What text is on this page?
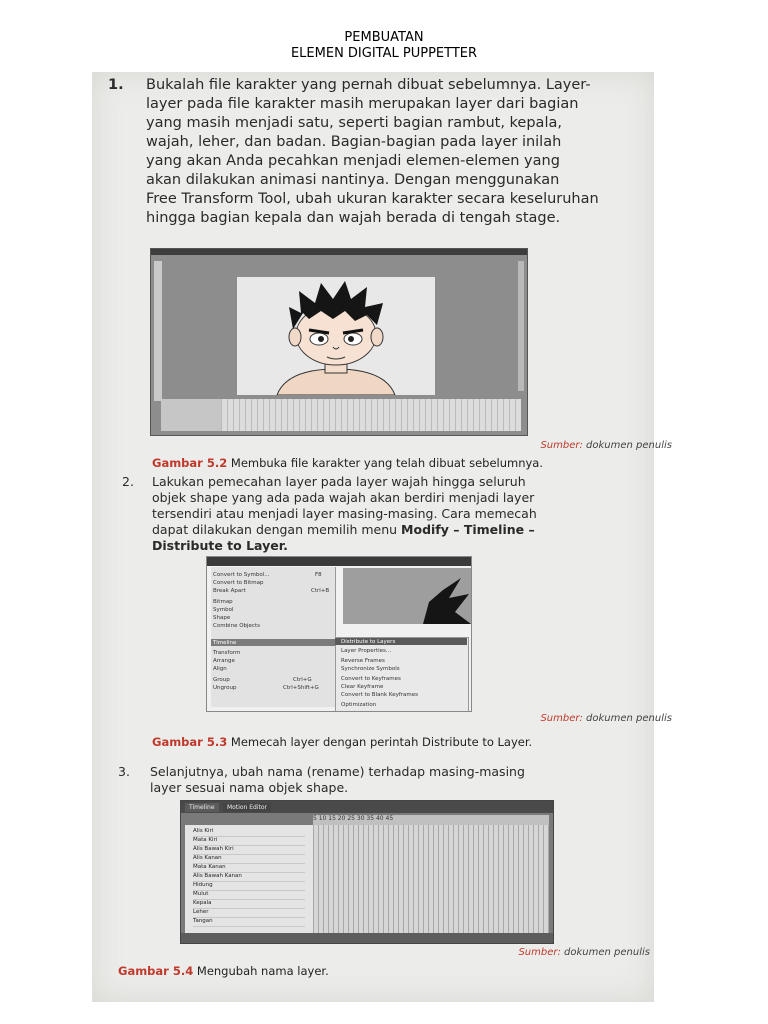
PEMBUATAN
ELEMEN DIGITAL PUPPETTER
1. Bukalah file karakter yang pernah dibuat sebelumnya. Layer-
layer pada file karakter masih merupakan layer dari bagian
yang masih menjadi satu, seperti bagian rambut, kepala,
wajah, leher, dan badan. Bagian-bagian pada layer inilah
yang akan Anda pecahkan menjadi elemen-elemen yang
akan dilakukan animasi nantinya. Dengan menggunakan
Free Transform Tool, ubah ukuran karakter secara keseluruhan
hingga bagian kepala dan wajah berada di tengah stage.
Sumber: dokumen penulis
Gambar 5.2 Membuka file karakter yang telah dibuat sebelumnya.
2. Lakukan pemecahan layer pada layer wajah hingga seluruh
objek shape yang ada pada wajah akan berdiri menjadi layer
tersendiri atau menjadi layer masing-masing. Cara memecah
dapat dilakukan dengan memilih menu Modify – Timeline –
Distribute to Layer.
Convert to Symbol...
Convert to Bitmap
Break Apart
Bitmap
Symbol
Shape
Combine Objects
Timeline
Transform
Arrange
Align
Group
Ungroup
F8
Ctrl+B
Ctrl+G
Ctrl+Shift+G
Distribute to Layers
Layer Properties...
Reverse Frames
Synchronize Symbols
Convert to Keyframes
Clear Keyframe
Convert to Blank Keyframes
Optimization
Sumber: dokumen penulis
Gambar 5.3 Memecah layer dengan perintah Distribute to Layer.
3. Selanjutnya, ubah nama (rename) terhadap masing-masing
layer sesuai nama objek shape.
Timeline	Motion Editor
Alis Kiri
Mata Kiri
Alis Bawah Kiri
Alis Kanan
Mata Kanan
Alis Bawah Kanan
Hidung
Mulut
Kepala
Leher
Tangan
5 10 15 20 25 30 35 40 45
Sumber: dokumen penulis
Gambar 5.4 Mengubah nama layer.
